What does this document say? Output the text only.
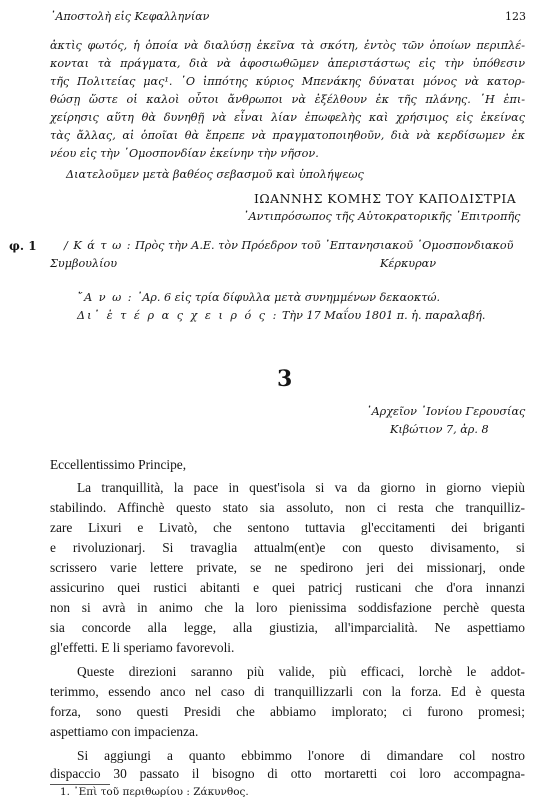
᾿Αποστολὴ εἰς Κεφαλληνίαν	123
ἀκτὶς φωτός, ἡ ὁποία νὰ διαλύσῃ ἐκεῖνα τὰ σκότη, ἐντὸς τῶν ὁποίων περιπλέ-
κονται τὰ πράγματα, διὰ νὰ ἀφοσιωθῶμεν ἀπεριστάστως εἰς τὴν ὑπόθεσιν
τῆς Πολιτείας μας¹. ῾Ο ἱππότης κύριος Μπενάκης δύναται μόνος νὰ κατορ-
θώσῃ ὥστε οἱ καλοὶ οὗτοι ἄνθρωποι νὰ ἐξέλθουν ἐκ τῆς πλάνης. ῾Η ἐπι-
χείρησις αὕτη θὰ δυνηθῇ νὰ εἶναι λίαν ἐπωφελὴς καὶ χρήσιμος εἰς ἐκείνας
τὰς ἄλλας, αἱ ὁποῖαι θὰ ἔπρεπε νὰ πραγματοποιηθοῦν, διὰ νὰ κερδίσωμεν ἐκ
νέου εἰς τὴν ῾Ομοσπονδίαν ἐκείνην τὴν νῆσον.
Διατελοῦμεν μετὰ βαθέος σεβασμοῦ καὶ ὑπολήψεως
ΙΩΑΝΝΗΣ ΚΟΜΗΣ ΤΟΥ ΚΑΠΟΔΙΣΤΡΙΑ
᾿Αντιπρόσωπος τῆς Αὐτοκρατορικῆς ᾿Επιτροπῆς
φ. 1 / Κ ά τ ω : Πρὸς τὴν Α.Ε. τὸν Πρόεδρον τοῦ ᾿Επτανησιακοῦ ῾Ομοσπονδιακοῦ
Συμβουλίου	Κέρκυραν
῎Α ν ω : ᾿Αρ. 6 εἰς τρία δίφυλλα μετὰ συνημμένων δεκαοκτώ.
Δι᾿ ἑ τ έ ρ α ς χ ε ι ρ ό ς : Τὴν 17 Μαΐου 1801 π. ἡ. παραλαβή.
3
᾿Αρχεῖον ᾿Ιονίου Γερουσίας
Κιβώτιον 7, ἀρ. 8
Eccellentissimo Principe,
La tranquillità, la pace in quest'isola si va da giorno in giorno viepiù
stabilindo. Affinchè questo stato sia assoluto, non ci resta che tranquilliz-
zare Lixuri e Livatò, che sentono tuttavia gl'eccitamenti dei briganti
e rivoluzionarj. Si travaglia attualm(ent)e con questo divisamento, si
scrissero varie lettere private, se ne spedirono jeri dei missionarj, onde
assicurino quei rustici abitanti e quei patricj rusticani che d'ora innanzi
non si avrà in animo che la loro pienissima soddisfazione perchè questa
sia concorde alla legge, alla giustizia, all'imparcialità. Ne aspettiamo
gl'effetti. E li speriamo favorevoli.
Queste direzioni saranno più valide, più efficaci, lorchè le addot-
terimmo, essendo anco nel caso di tranquillizzarli con la forza. Ed è questa
forza, sono questi Presidi che abbiamo implorato; ci furono promesi;
aspettiamo con impacienza.
Si aggiungi a quanto ebbimmo l'onore di dimandare col nostro
dispaccio 30 passato il bisogno di otto mortaretti coi loro accompagna-
1. ᾿Επὶ τοῦ περιθωρίου : Ζάκυνθος.
